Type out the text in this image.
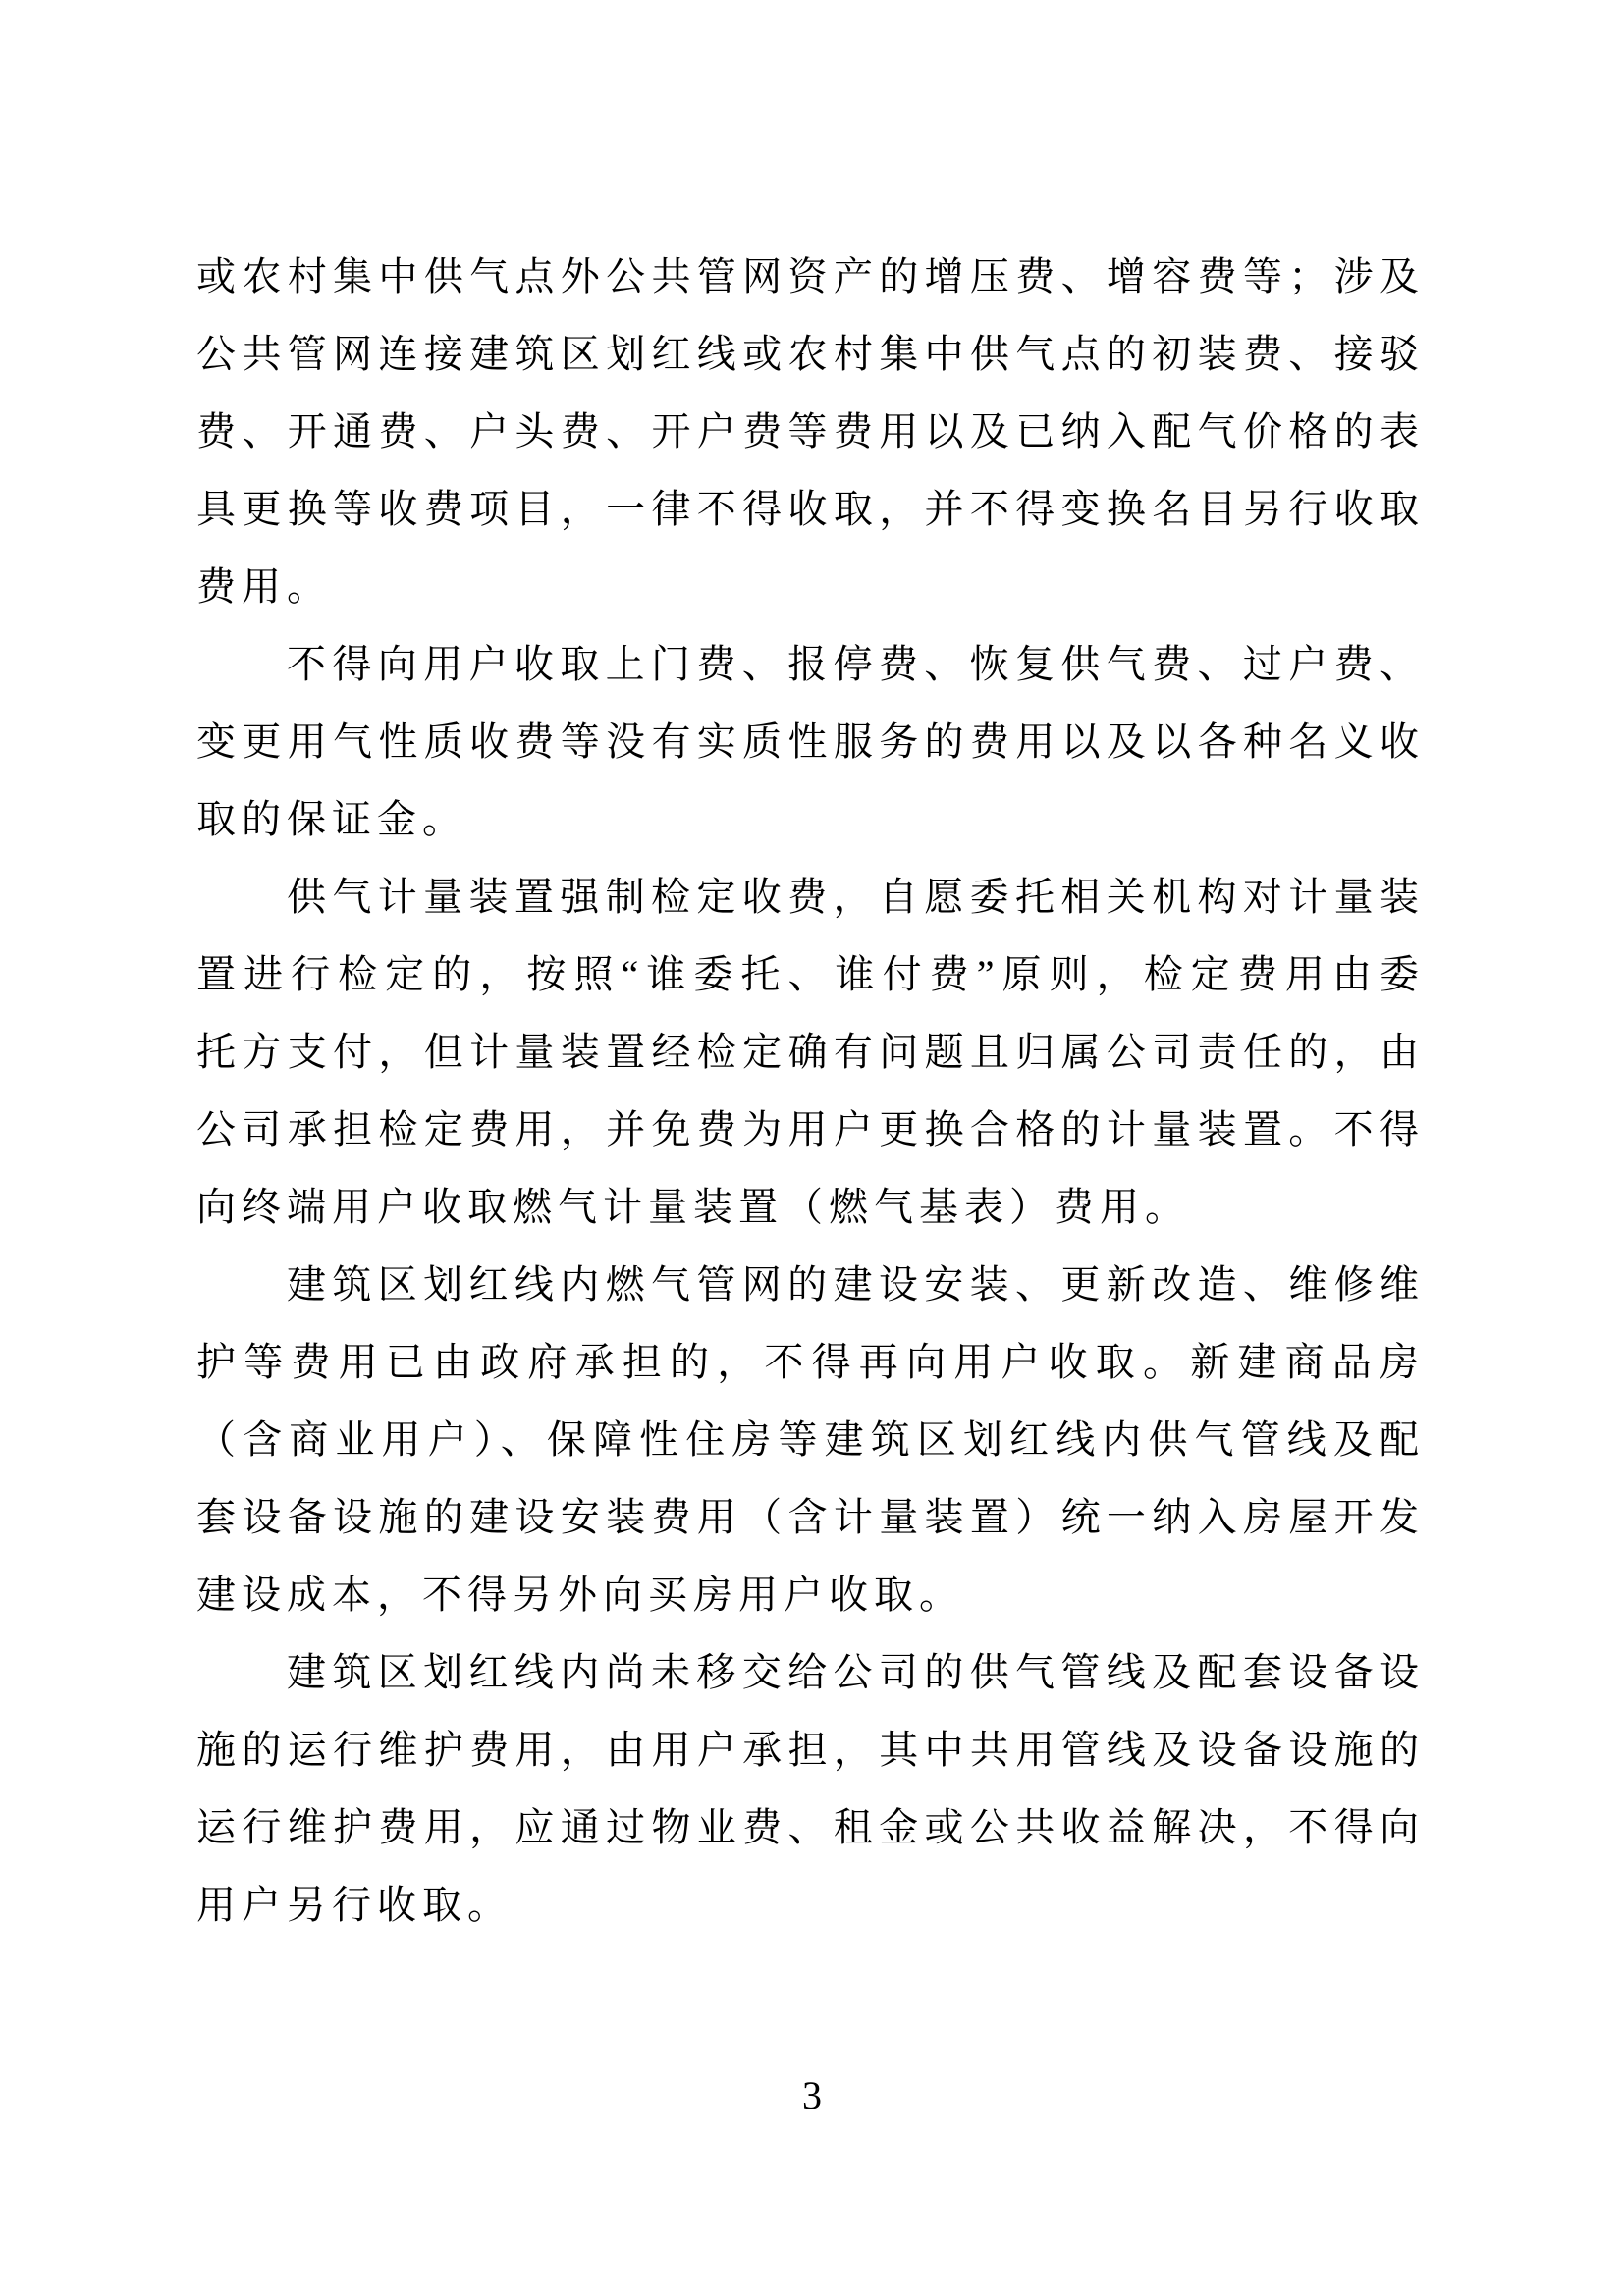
或农村集中供气点外公共管网资产的增压费、增容费等；涉及
公共管网连接建筑区划红线或农村集中供气点的初装费、接驳
费、开通费、户头费、开户费等费用以及已纳入配气价格的表
具更换等收费项目，一律不得收取，并不得变换名目另行收取
费用。
不得向用户收取上门费、报停费、恢复供气费、过户费、
变更用气性质收费等没有实质性服务的费用以及以各种名义收
取的保证金。
供气计量装置强制检定收费，自愿委托相关机构对计量装
置进行检定的，按照“谁委托、谁付费”原则，检定费用由委
托方支付，但计量装置经检定确有问题且归属公司责任的，由
公司承担检定费用，并免费为用户更换合格的计量装置。不得
向终端用户收取燃气计量装置（燃气基表）费用。
建筑区划红线内燃气管网的建设安装、更新改造、维修维
护等费用已由政府承担的，不得再向用户收取。新建商品房
（含商业用户）、保障性住房等建筑区划红线内供气管线及配
套设备设施的建设安装费用（含计量装置）统一纳入房屋开发
建设成本，不得另外向买房用户收取。
建筑区划红线内尚未移交给公司的供气管线及配套设备设
施的运行维护费用，由用户承担，其中共用管线及设备设施的
运行维护费用，应通过物业费、租金或公共收益解决，不得向
用户另行收取。
3
